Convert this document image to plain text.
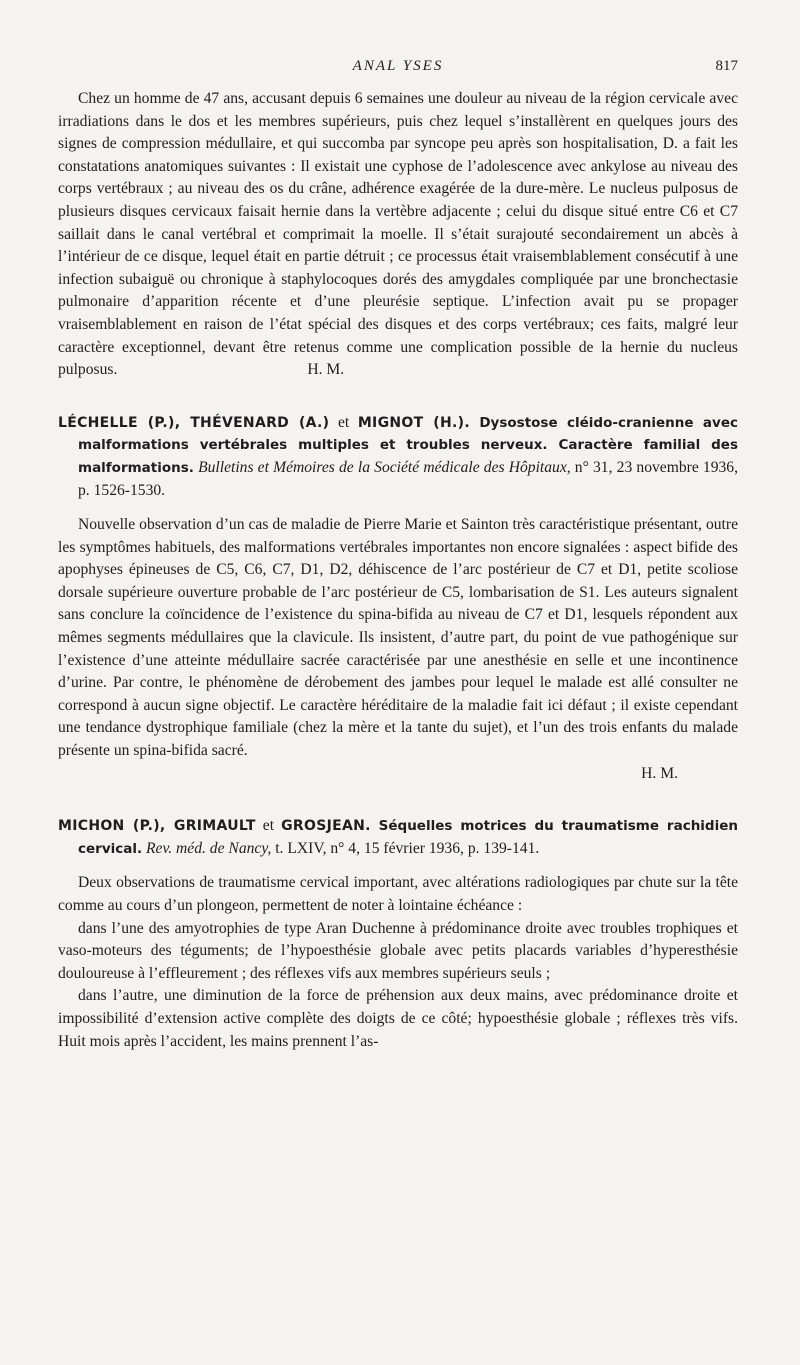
ANAL YSES	817

Chez un homme de 47 ans, accusant depuis 6 semaines une douleur au niveau de la région cervicale avec irradiations dans le dos et les membres supérieurs, puis chez lequel s’installèrent en quelques jours des signes de compression médullaire, et qui succomba par syncope peu après son hospitalisation, D. a fait les constatations anatomiques suivantes : Il existait une cyphose de l’adolescence avec ankylose au niveau des corps vertébraux ; au niveau des os du crâne, adhérence exagérée de la dure-mère. Le nucleus pulposus de plusieurs disques cervicaux faisait hernie dans la vertèbre adjacente ; celui du disque situé entre C6 et C7 saillait dans le canal vertébral et comprimait la moelle. Il s’était surajouté secondairement un abcès à l’intérieur de ce disque, lequel était en partie détruit ; ce processus était vraisemblablement consécutif à une infection subaiguë ou chronique à staphylocoques dorés des amygdales compliquée par une bronchectasie pulmonaire d’apparition récente et d’une pleurésie septique. L’infection avait pu se propager vraisemblablement en raison de l’état spécial des disques et des corps vertébraux; ces faits, malgré leur caractère exceptionnel, devant être retenus comme une complication possible de la hernie du nucleus pulposus.	H. M.

LÉCHELLE (P.), THÉVENARD (A.) et MIGNOT (H.). Dysostose cléido-cranienne avec malformations vertébrales multiples et troubles nerveux. Caractère familial des malformations. Bulletins et Mémoires de la Société médicale des Hôpitaux, n° 31, 23 novembre 1936, p. 1526-1530.

Nouvelle observation d’un cas de maladie de Pierre Marie et Sainton très caractéristique présentant, outre les symptômes habituels, des malformations vertébrales importantes non encore signalées : aspect bifide des apophyses épineuses de C5, C6, C7, D1, D2, déhiscence de l’arc postérieur de C7 et D1, petite scoliose dorsale supérieure ouverture probable de l’arc postérieur de C5, lombarisation de S1. Les auteurs signalent sans conclure la coïncidence de l’existence du spina-bifida au niveau de C7 et D1, lesquels répondent aux mêmes segments médullaires que la clavicule. Ils insistent, d’autre part, du point de vue pathogénique sur l’existence d’une atteinte médullaire sacrée caractérisée par une anesthésie en selle et une incontinence d’urine. Par contre, le phénomène de dérobement des jambes pour lequel le malade est allé consulter ne correspond à aucun signe objectif. Le caractère héréditaire de la maladie fait ici défaut ; il existe cependant une tendance dystrophique familiale (chez la mère et la tante du sujet), et l’un des trois enfants du malade présente un spina-bifida sacré.

H. M.

MICHON (P.), GRIMAULT et GROSJEAN. Séquelles motrices du traumatisme rachidien cervical. Rev. méd. de Nancy, t. LXIV, n° 4, 15 février 1936, p. 139-141.

Deux observations de traumatisme cervical important, avec altérations radiologiques par chute sur la tête comme au cours d’un plongeon, permettent de noter à lointaine échéance :

dans l’une des amyotrophies de type Aran Duchenne à prédominance droite avec troubles trophiques et vaso-moteurs des téguments; de l’hypoesthésie globale avec petits placards variables d’hyperesthésie douloureuse à l’effleurement ; des réflexes vifs aux membres supérieurs seuls ;

dans l’autre, une diminution de la force de préhension aux deux mains, avec prédominance droite et impossibilité d’extension active complète des doigts de ce côté; hypoesthésie globale ; réflexes très vifs. Huit mois après l’accident, les mains prennent l’as-
